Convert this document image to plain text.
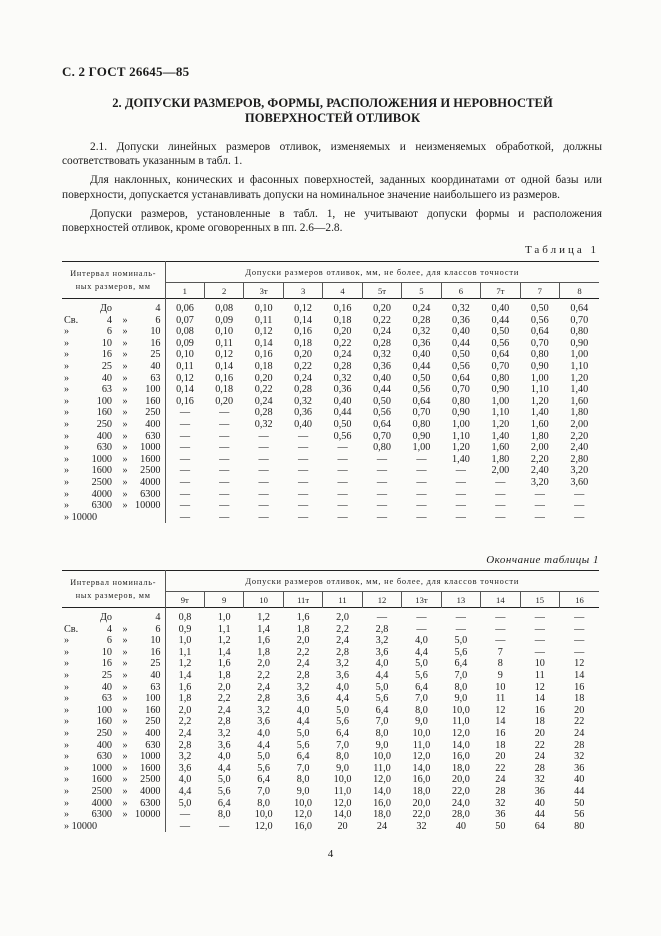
С. 2 ГОСТ 26645—85
2. ДОПУСКИ РАЗМЕРОВ, ФОРМЫ, РАСПОЛОЖЕНИЯ И НЕРОВНОСТЕЙ
ПОВЕРХНОСТЕЙ ОТЛИВОК

2.1. Допуски линейных размеров отливок, изменяемых и неизменяемых обработкой, должны соответствовать указанным в табл. 1.

Для наклонных, конических и фасонных поверхностей, заданных координатами от одной базы или поверхности, допускается устанавливать допуски на номинальное значение наибольшего из размеров.

Допуски размеров, установленные в табл. 1, не учитывают допуски формы и расположения поверхностей отливок, кроме оговоренных в пп. 2.6—2.8.

Таблица 1
Интервал номиналь-
ных размеров, мм				Допуски размеров отливок, мм, не более, для классов точности										
				1	2	3т	3	4	5т	5	6	7т	7	8
	До		4	0,06	0,08	0,10	0,12	0,16	0,20	0,24	0,32	0,40	0,50	0,64
Св.	4	»	6	0,07	0,09	0,11	0,14	0,18	0,22	0,28	0,36	0,44	0,56	0,70
»	6	»	10	0,08	0,10	0,12	0,16	0,20	0,24	0,32	0,40	0,50	0,64	0,80
»	10	»	16	0,09	0,11	0,14	0,18	0,22	0,28	0,36	0,44	0,56	0,70	0,90
»	16	»	25	0,10	0,12	0,16	0,20	0,24	0,32	0,40	0,50	0,64	0,80	1,00
»	25	»	40	0,11	0,14	0,18	0,22	0,28	0,36	0,44	0,56	0,70	0,90	1,10
»	40	»	63	0,12	0,16	0,20	0,24	0,32	0,40	0,50	0,64	0,80	1,00	1,20
»	63	»	100	0,14	0,18	0,22	0,28	0,36	0,44	0,56	0,70	0,90	1,10	1,40
»	100	»	160	0,16	0,20	0,24	0,32	0,40	0,50	0,64	0,80	1,00	1,20	1,60
»	160	»	250	—	—	0,28	0,36	0,44	0,56	0,70	0,90	1,10	1,40	1,80
»	250	»	400	—	—	0,32	0,40	0,50	0,64	0,80	1,00	1,20	1,60	2,00
»	400	»	630	—	—	—	—	0,56	0,70	0,90	1,10	1,40	1,80	2,20
»	630	»	1000	—	—	—	—	—	0,80	1,00	1,20	1,60	2,00	2,40
»	1000	»	1600	—	—	—	—	—	—	—	1,40	1,80	2,20	2,80
»	1600	»	2500	—	—	—	—	—	—	—	—	2,00	2,40	3,20
»	2500	»	4000	—	—	—	—	—	—	—	—	—	3,20	3,60
»	4000	»	6300	—	—	—	—	—	—	—	—	—	—	—
»	6300	»	10000	—	—	—	—	—	—	—	—	—	—	—
» 10000				—	—	—	—	—	—	—	—	—	—	—
Окончание таблицы 1
Интервал номиналь-
ных размеров, мм				Допуски размеров отливок, мм, не более, для классов точности										
				9т	9	10	11т	11	12	13т	13	14	15	16
	До		4	0,8	1,0	1,2	1,6	2,0	—	—	—	—	—	—
Св.	4	»	6	0,9	1,1	1,4	1,8	2,2	2,8	—	—	—	—	—
»	6	»	10	1,0	1,2	1,6	2,0	2,4	3,2	4,0	5,0	—	—	—
»	10	»	16	1,1	1,4	1,8	2,2	2,8	3,6	4,4	5,6	7	—	—
»	16	»	25	1,2	1,6	2,0	2,4	3,2	4,0	5,0	6,4	8	10	12
»	25	»	40	1,4	1,8	2,2	2,8	3,6	4,4	5,6	7,0	9	11	14
»	40	»	63	1,6	2,0	2,4	3,2	4,0	5,0	6,4	8,0	10	12	16
»	63	»	100	1,8	2,2	2,8	3,6	4,4	5,6	7,0	9,0	11	14	18
»	100	»	160	2,0	2,4	3,2	4,0	5,0	6,4	8,0	10,0	12	16	20
»	160	»	250	2,2	2,8	3,6	4,4	5,6	7,0	9,0	11,0	14	18	22
»	250	»	400	2,4	3,2	4,0	5,0	6,4	8,0	10,0	12,0	16	20	24
»	400	»	630	2,8	3,6	4,4	5,6	7,0	9,0	11,0	14,0	18	22	28
»	630	»	1000	3,2	4,0	5,0	6,4	8,0	10,0	12,0	16,0	20	24	32
»	1000	»	1600	3,6	4,4	5,6	7,0	9,0	11,0	14,0	18,0	22	28	36
»	1600	»	2500	4,0	5,0	6,4	8,0	10,0	12,0	16,0	20,0	24	32	40
»	2500	»	4000	4,4	5,6	7,0	9,0	11,0	14,0	18,0	22,0	28	36	44
»	4000	»	6300	5,0	6,4	8,0	10,0	12,0	16,0	20,0	24,0	32	40	50
»	6300	»	10000	—	8,0	10,0	12,0	14,0	18,0	22,0	28,0	36	44	56
» 10000				—	—	12,0	16,0	20	24	32	40	50	64	80
4
